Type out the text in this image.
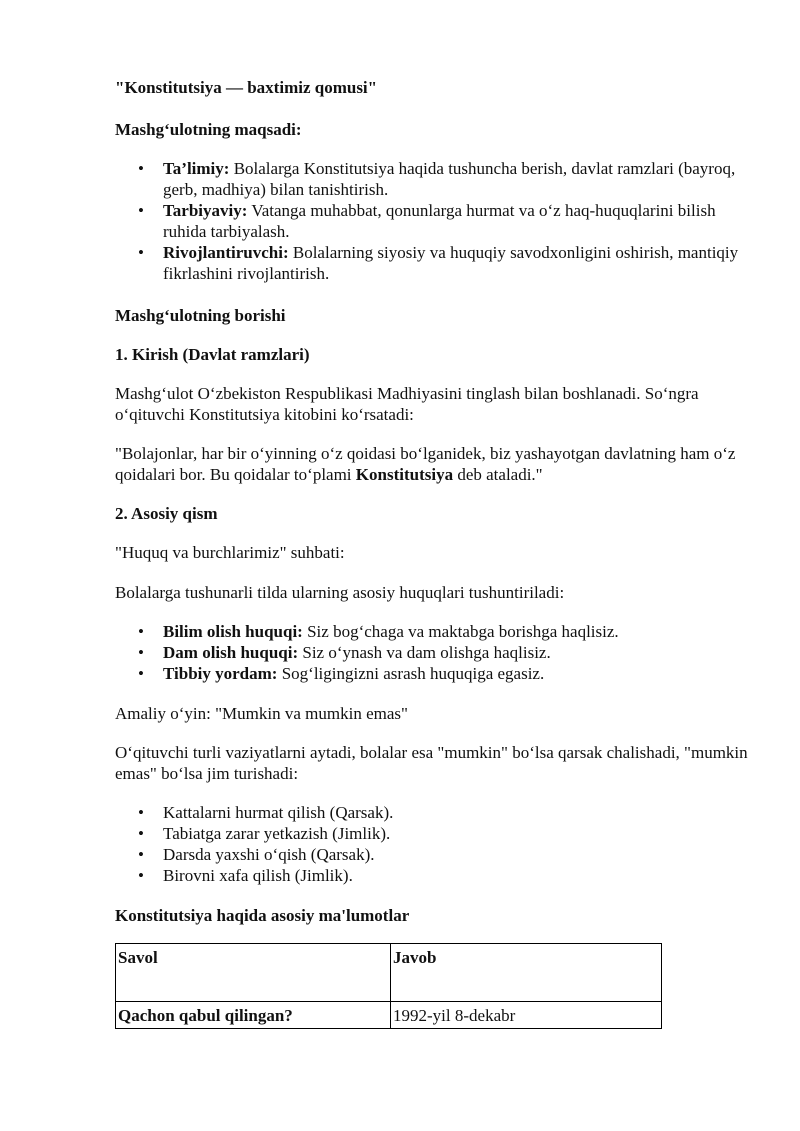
"Konstitutsiya — baxtimiz qomusi"

Mashg‘ulotning maqsadi:

• Ta’limiy: Bolalarga Konstitutsiya haqida tushuncha berish, davlat ramzlari (bayroq, gerb, madhiya) bilan tanishtirish.
• Tarbiyaviy: Vatanga muhabbat, qonunlarga hurmat va o‘z haq-huquqlarini bilish ruhida tarbiyalash.
• Rivojlantiruvchi: Bolalarning siyosiy va huquqiy savodxonligini oshirish, mantiqiy fikrlashini rivojlantirish.

Mashg‘ulotning borishi

1. Kirish (Davlat ramzlari)

Mashg‘ulot O‘zbekiston Respublikasi Madhiyasini tinglash bilan boshlanadi. So‘ngra o‘qituvchi Konstitutsiya kitobini ko‘rsatadi:

"Bolajonlar, har bir o‘yinning o‘z qoidasi bo‘lganidek, biz yashayotgan davlatning ham o‘z qoidalari bor. Bu qoidalar to‘plami Konstitutsiya deb ataladi."

2. Asosiy qism

"Huquq va burchlarimiz" suhbati:

Bolalarga tushunarli tilda ularning asosiy huquqlari tushuntiriladi:

• Bilim olish huquqi: Siz bog‘chaga va maktabga borishga haqlisiz.
• Dam olish huquqi: Siz o‘ynash va dam olishga haqlisiz.
• Tibbiy yordam: Sog‘ligingizni asrash huquqiga egasiz.

Amaliy o‘yin: "Mumkin va mumkin emas"

O‘qituvchi turli vaziyatlarni aytadi, bolalar esa "mumkin" bo‘lsa qarsak chalishadi, "mumkin emas" bo‘lsa jim turishadi:

• Kattalarni hurmat qilish (Qarsak).
• Tabiatga zarar yetkazish (Jimlik).
• Darsda yaxshi o‘qish (Qarsak).
• Birovni xafa qilish (Jimlik).

Konstitutsiya haqida asosiy ma'lumotlar

Savol	Javob
Qachon qabul qilingan?	1992-yil 8-dekabr
